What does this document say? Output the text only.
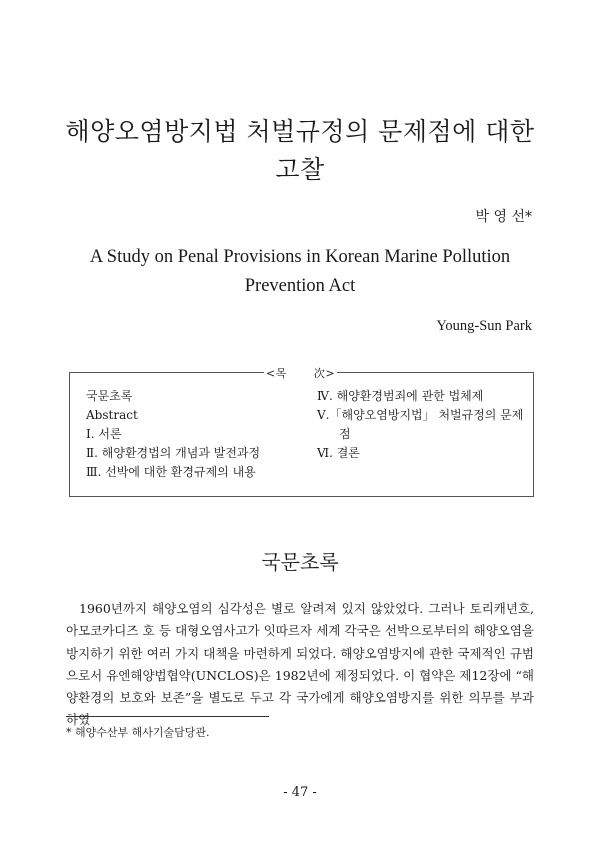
해양오염방지법 처벌규정의 문제점에 대한
고찰
박 영 선*
A Study on Penal Provisions in Korean Marine Pollution
Prevention Act
Young-Sun Park
<목　　 次>
국문초록
Abstract
Ⅰ. 서론
Ⅱ. 해양환경법의 개념과 발전과정
Ⅲ. 선박에 대한 환경규제의 내용
Ⅳ. 해양환경범죄에 관한 법체제
Ⅴ.「해양오염방지법」 처벌규정의 문제점
Ⅵ. 결론
국문초록
1960년까지 해양오염의 심각성은 별로 알려져 있지 않았었다. 그러나 토리캐년호, 아모코카디즈 호 등 대형오염사고가 잇따르자 세계 각국은 선박으로부터의 해양오염을 방지하기 위한 여러 가지 대책을 마련하게 되었다. 해양오염방지에 관한 국제적인 규범으로서 유엔해양법협약(UNCLOS)은 1982년에 제정되었다. 이 협약은 제12장에 “해양환경의 보호와 보존”을 별도로 두고 각 국가에게 해양오염방지를 위한 의무를 부과하였
* 해양수산부 해사기술담당관.
- 47 -
